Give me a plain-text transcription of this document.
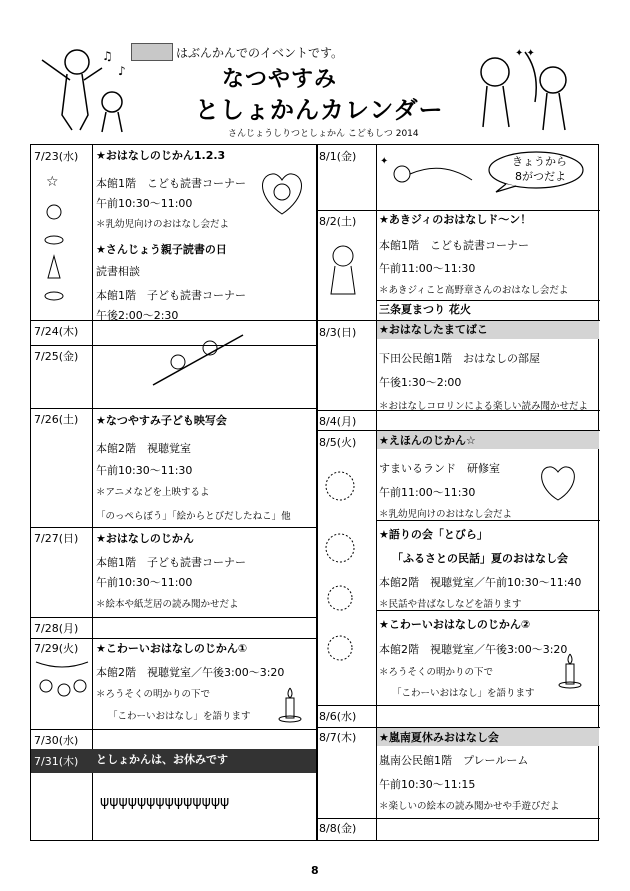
はぶんかんでのイベントです。
なつやすみ
としょかんカレンダー
さんじょうしりつとしょかん こどもしつ 2014
♪
♫	✦ ✦
7/23(水)
7/24(木)
7/25(金)
7/26(土)
7/27(日)
7/28(月)
7/29(火)
7/30(水)
7/31(木)
★おはなしのじかん1.2.3
本館1階　こども読書コーナー
午前10:30～11:00
＊乳幼児向けのおはなし会だよ
★さんじょう親子読書の日
読書相談
本館1階　子ども読書コーナー
午後2:00～2:30
★なつやすみ子ども映写会
本館2階　視聴覚室
午前10:30～11:30
＊アニメなどを上映するよ
「のっぺらぼう」「絵からとびだしたねこ」他
★おはなしのじかん
本館1階　子ども読書コーナー
午前10:30～11:00
＊絵本や紙芝居の読み聞かせだよ
★こわーいおはなしのじかん①
本館2階　視聴覚室／午後3:00～3:20
＊ろうそくの明かりの下で
「こわーいおはなし」を語ります
としょかんは、お休みです
8/1(金)
8/2(土)
8/3(日)
8/4(月)
8/5(火)
8/6(水)
8/7(木)
8/8(金)
きょうから
8がつだよ
★あきジィのおはなしド～ン！
本館1階　こども読書コーナー
午前11:00～11:30
＊あきジィこと高野章さんのおはなし会だよ
三条夏まつり 花火
★おはなしたまてばこ
下田公民館1階　おはなしの部屋
午後1:30～2:00
＊おはなしコロリンによる楽しい読み聞かせだよ
★えほんのじかん☆
すまいるランド　研修室
午前11:00～11:30
＊乳幼児向けのおはなし会だよ
★語りの会「とびら」
「ふるさとの民話」夏のおはなし会
本館2階　視聴覚室／午前10:30～11:40
＊民話や昔ばなしなどを語ります
★こわーいおはなしのじかん②
本館2階　視聴覚室／午後3:00～3:20
＊ろうそくの明かりの下で
「こわーいおはなし」を語ります
★嵐南夏休みおはなし会
嵐南公民館1階　プレールーム
午前10:30～11:15
＊楽しいの絵本の読み聞かせや手遊びだよ
☆
ψψψψψψψψψψψψψψ
✦
8
